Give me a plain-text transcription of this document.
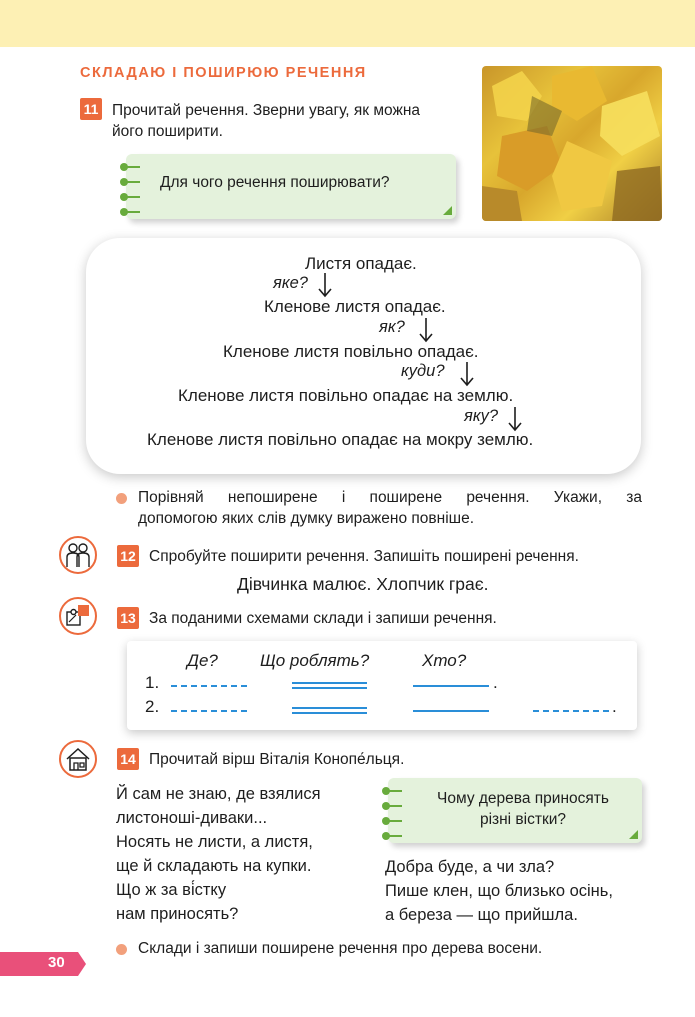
СКЛАДАЮ І ПОШИРЮЮ РЕЧЕННЯ
11 Прочитай речення. Зверни увагу, як можна
його поширити.
Для чого речення поширювати?
Листя опадає.
яке?
Кленове листя опадає.
як?
Кленове листя повільно опадає.
куди?
Кленове листя повільно опадає на землю.
яку?
Кленове листя повільно опадає на мокру землю.
Порівняй непоширене і поширене речення. Укажи, за
допомогою яких слів думку виражено повніше.
12 Спробуйте поширити речення. Запишіть поширені речення.
Дівчинка малює. Хлопчик грає.
13 За поданими схемами склади і запиши речення.
Де? Що роблять?	Хто?
1.	.
2.	.
14 Прочитай вірш Віталія Конопе́льця.
Й сам не знаю, де взялися
листоноші-диваки...
Носять не листи, а листя,
ще й складають на купки.
Що ж за ві́стку
нам приносять?
Чому дерева приносять
різні вістки?
Добра буде, а чи зла?
Пише клен, що близько осінь,
а береза — що прийшла.
Склади і запиши поширене речення про дерева восени.
30
